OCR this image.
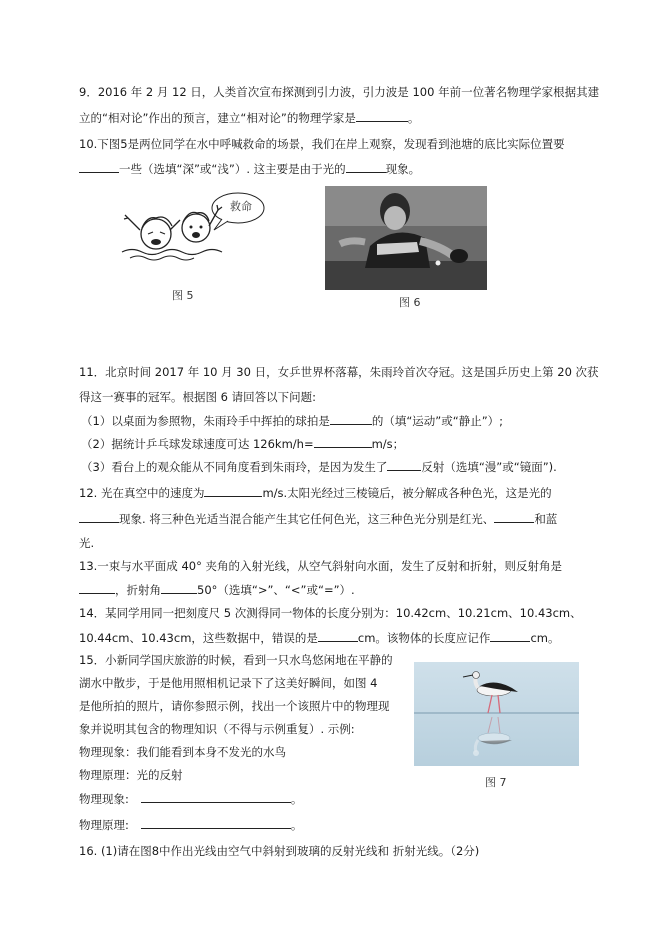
9．2016 年 2 月 12 日，人类首次宣布探测到引力波，引力波是 100 年前一位著名物理学家根据其建
立的“相对论”作出的预言，建立“相对论”的物理学家是	。
10.下图5是两位同学在水中呼喊救命的场景，我们在岸上观察，发现看到池塘的底比实际位置要
一些（选填“深”或“浅”）. 这主要是由于光的	现象。
救命
图 5
图 6
11．北京时间 2017 年 10 月 30 日，女乒世界杯落幕，朱雨玲首次夺冠。这是国乒历史上第 20 次获
得这一赛事的冠军。根据图 6 请回答以下问题:
（1）以桌面为参照物，朱雨玲手中挥拍的球拍是	的（填“运动”或“静止”）;
（2）据统计乒乓球发球速度可达 126km/h=	m/s；
（3）看台上的观众能从不同角度看到朱雨玲，是因为发生了	反射（选填“漫”或“镜面”).
12. 光在真空中的速度为	m/s.太阳光经过三棱镜后，被分解成各种色光，这是光的
现象. 将三种色光适当混合能产生其它任何色光，这三种色光分别是红光、	和蓝
光.
13.一束与水平面成 40° 夹角的入射光线，从空气斜射向水面，发生了反射和折射，则反射角是
，折射角	50°（选填“>”、“<”或“=”）.
14．某同学用同一把刻度尺 5 次测得同一物体的长度分别为：10.42cm、10.21cm、10.43cm、
10.44cm、10.43cm，这些数据中，错误的是	cm。该物体的长度应记作	cm。
15．小新同学国庆旅游的时候，看到一只水鸟悠闲地在平静的
湖水中散步，于是他用照相机记录下了这美好瞬间，如图 4
是他所拍的照片，请你参照示例，找出一个该照片中的物理现
象并说明其包含的物理知识（不得与示例重复）. 示例:
物理现象：我们能看到本身不发光的水鸟
物理原理：光的反射
物理现象:	。
物理原理:	。
图 7
16. (1)请在图8中作出光线由空气中斜射到玻璃的反射光线和 折射光线。（2分)
